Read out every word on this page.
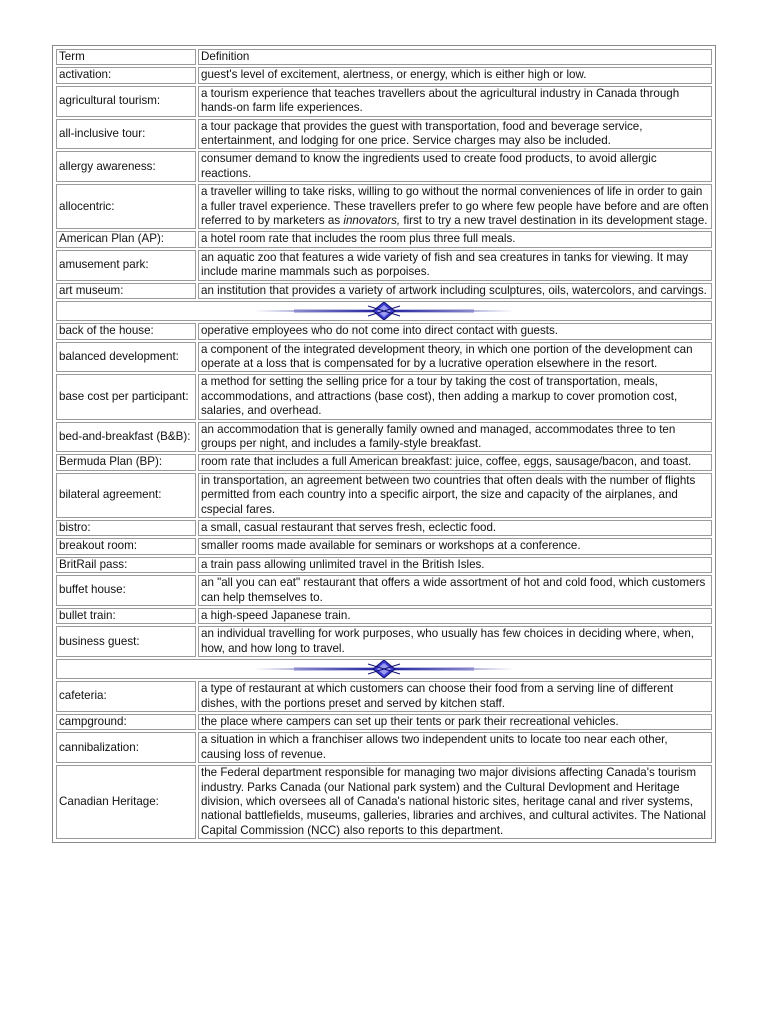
Term	Definition
activation:	guest's level of excitement, alertness, or energy, which is either high or low.
agricultural tourism:	a tourism experience that teaches travellers about the agricultural industry in Canada through hands-on farm life experiences.
all-inclusive tour:	a tour package that provides the guest with transportation, food and beverage service, entertainment, and lodging for one price. Service charges may also be included.
allergy awareness:	consumer demand to know the ingredients used to create food products, to avoid allergic reactions.
allocentric:	a traveller willing to take risks, willing to go without the normal conveniences of life in order to gain a fuller travel experience. These travellers prefer to go where few people have before and are often referred to by marketers as innovators, first to try a new travel destination in its development stage.
American Plan (AP):	a hotel room rate that includes the room plus three full meals.
amusement park:	an aquatic zoo that features a wide variety of fish and sea creatures in tanks for viewing. It may include marine mammals such as porpoises.
art museum:	an institution that provides a variety of artwork including sculptures, oils, watercolors, and carvings.

back of the house:	operative employees who do not come into direct contact with guests.
balanced development:	a component of the integrated development theory, in which one portion of the development can operate at a loss that is compensated for by a lucrative operation elsewhere in the resort.
base cost per participant:	a method for setting the selling price for a tour by taking the cost of transportation, meals, accommodations, and attractions (base cost), then adding a markup to cover promotion cost, salaries, and overhead.
bed-and-breakfast (B&B):	an accommodation that is generally family owned and managed, accommodates three to ten groups per night, and includes a family-style breakfast.
Bermuda Plan (BP):	room rate that includes a full American breakfast: juice, coffee, eggs, sausage/bacon, and toast.
bilateral agreement:	in transportation, an agreement between two countries that often deals with the number of flights permitted from each country into a specific airport, the size and capacity of the airplanes, and cspecial fares.
bistro:	a small, casual restaurant that serves fresh, eclectic food.
breakout room:	smaller rooms made available for seminars or workshops at a conference.
BritRail pass:	a train pass allowing unlimited travel in the British Isles.
buffet house:	an "all you can eat" restaurant that offers a wide assortment of hot and cold food, which customers can help themselves to.
bullet train:	a high-speed Japanese train.
business guest:	an individual travelling for work purposes, who usually has few choices in deciding where, when, how, and how long to travel.

cafeteria:	a type of restaurant at which customers can choose their food from a serving line of different dishes, with the portions preset and served by kitchen staff.
campground:	the place where campers can set up their tents or park their recreational vehicles.
cannibalization:	a situation in which a franchiser allows two independent units to locate too near each other, causing loss of revenue.
Canadian Heritage:	the Federal department responsible for managing two major divisions affecting Canada's tourism industry. Parks Canada (our National park system) and the Cultural Devlopment and Heritage division, which oversees all of Canada's national historic sites, heritage canal and river systems, national battlefields, museums, galleries, libraries and archives, and cultural activites. The National Capital Commission (NCC) also reports to this department.
